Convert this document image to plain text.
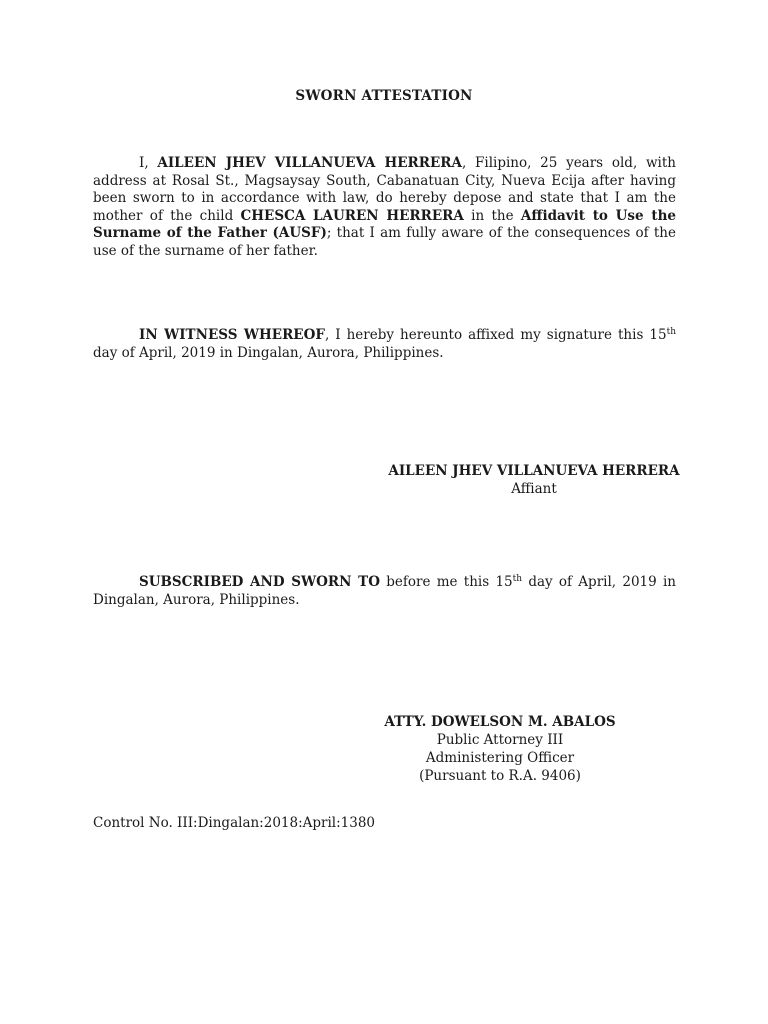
SWORN ATTESTATION

I, AILEEN JHEV VILLANUEVA HERRERA, Filipino, 25 years old, with address at Rosal St., Magsaysay South, Cabanatuan City, Nueva Ecija after having been sworn to in accordance with law, do hereby depose and state that I am the mother of the child CHESCA LAUREN HERRERA in the Affidavit to Use the Surname of the Father (AUSF); that I am fully aware of the consequences of the use of the surname of her father.

IN WITNESS WHEREOF, I hereby hereunto affixed my signature this 15th day of April, 2019 in Dingalan, Aurora, Philippines.

AILEEN JHEV VILLANUEVA HERRERA
Affiant

SUBSCRIBED AND SWORN TO before me this 15th day of April, 2019 in Dingalan, Aurora, Philippines.

ATTY. DOWELSON M. ABALOS
Public Attorney III
Administering Officer
(Pursuant to R.A. 9406)
Control No. III:Dingalan:2018:April:1380
